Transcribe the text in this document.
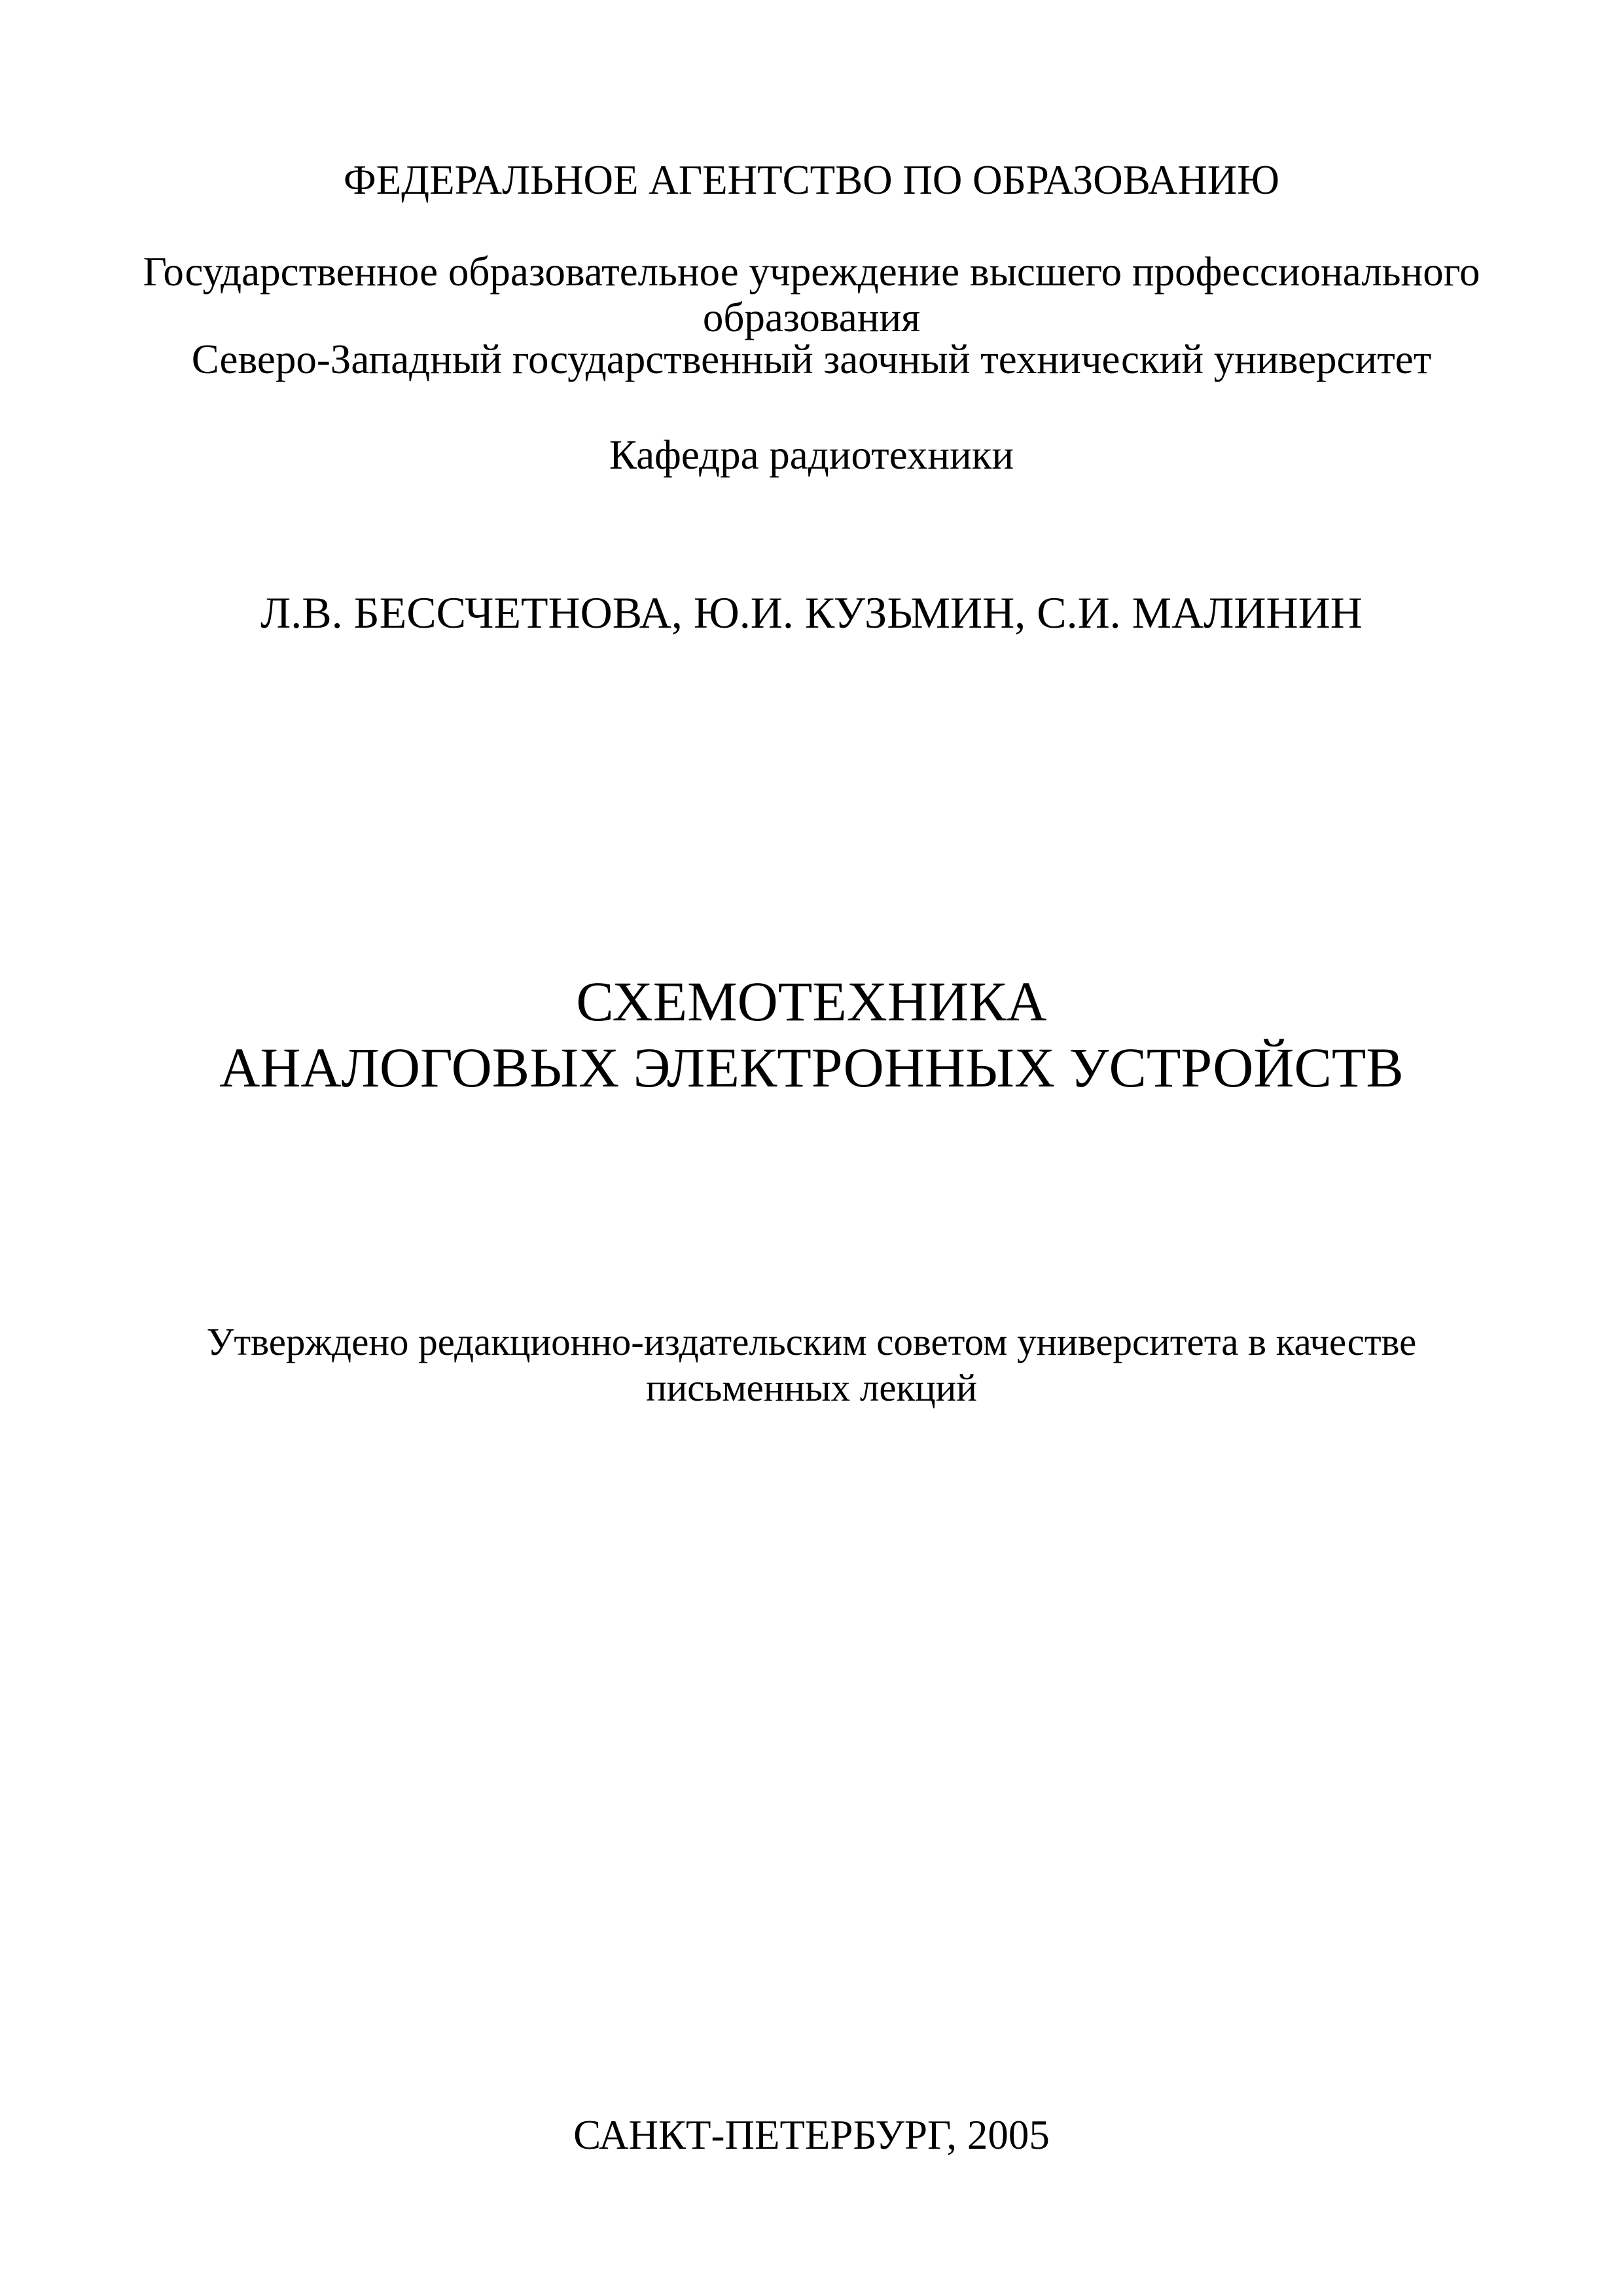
ФЕДЕРАЛЬНОЕ АГЕНТСТВО ПО ОБРАЗОВАНИЮ
Государственное образовательное учреждение высшего профессионального
образования
Северо-Западный государственный заочный технический университет
Кафедра радиотехники
Л.В. БЕССЧЕТНОВА, Ю.И. КУЗЬМИН, С.И. МАЛИНИН
СХЕМОТЕХНИКА
АНАЛОГОВЫХ ЭЛЕКТРОННЫХ УСТРОЙСТВ
Утверждено редакционно-издательским советом университета в качестве
письменных лекций
САНКТ-ПЕТЕРБУРГ, 2005
